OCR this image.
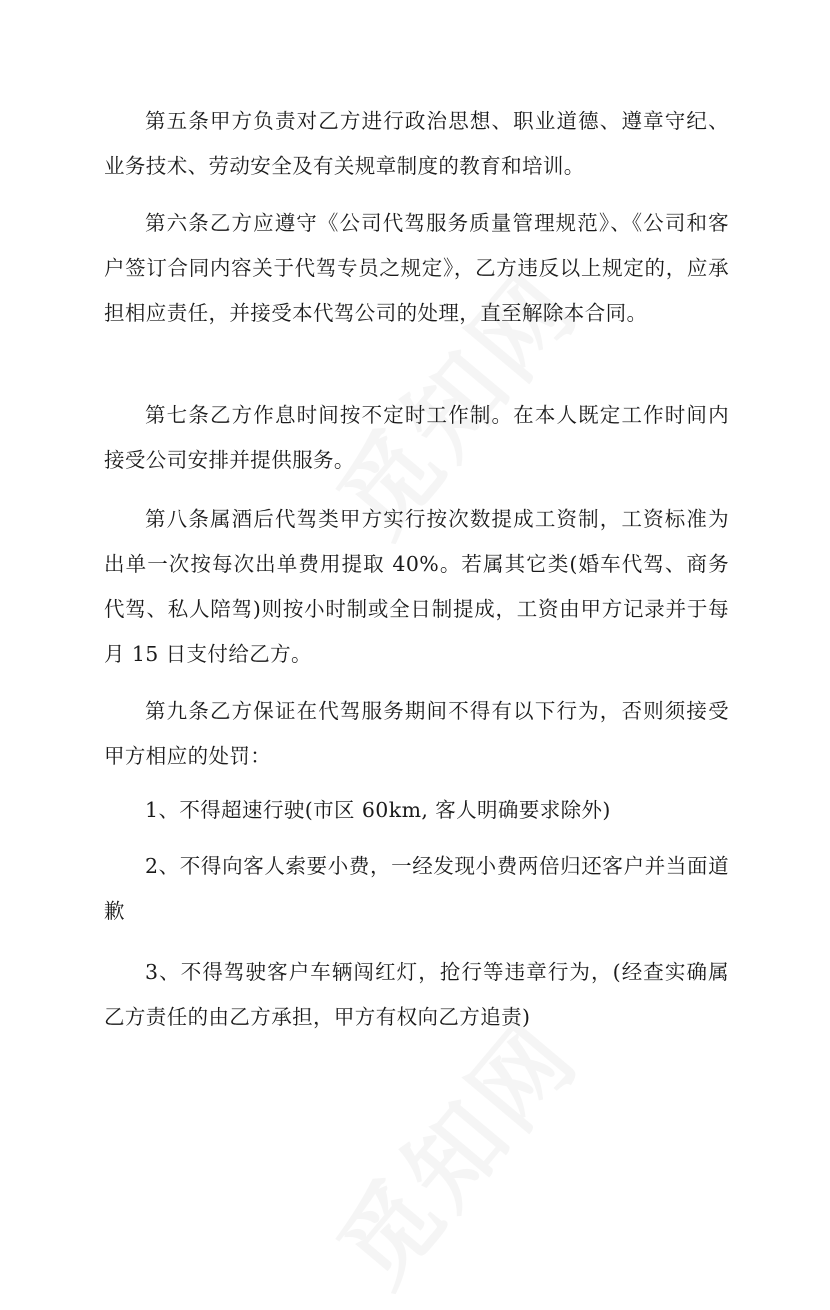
第五条甲方负责对乙方进行政治思想、职业道德、遵章守纪、业务技术、劳动安全及有关规章制度的教育和培训。

第六条乙方应遵守《公司代驾服务质量管理规范》、《公司和客户签订合同内容关于代驾专员之规定》，乙方违反以上规定的，应承担相应责任，并接受本代驾公司的处理，直至解除本合同。

第七条乙方作息时间按不定时工作制。在本人既定工作时间内接受公司安排并提供服务。

第八条属酒后代驾类甲方实行按次数提成工资制，工资标准为出单一次按每次出单费用提取 40%。若属其它类(婚车代驾、商务代驾、私人陪驾)则按小时制或全日制提成，工资由甲方记录并于每月 15 日支付给乙方。

第九条乙方保证在代驾服务期间不得有以下行为，否则须接受甲方相应的处罚：

1、不得超速行驶(市区 60km, 客人明确要求除外)

2、不得向客人索要小费，一经发现小费两倍归还客户并当面道歉

3、不得驾驶客户车辆闯红灯，抢行等违章行为，(经查实确属乙方责任的由乙方承担，甲方有权向乙方追责)
